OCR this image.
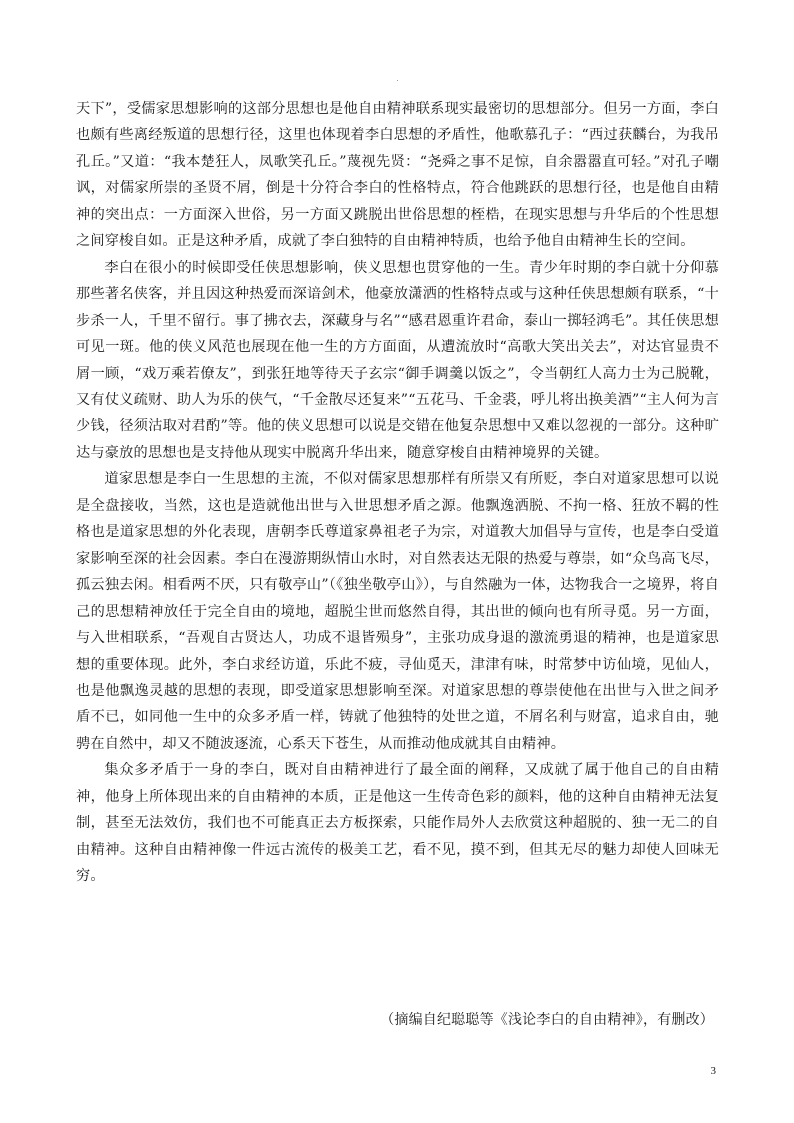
天下”，受儒家思想影响的这部分思想也是他自由精神联系现实最密切的思想部分。但另一方面，李白也颇有些离经叛道的思想行径，这里也体现着李白思想的矛盾性，他歌慕孔子：“西过获麟台，为我吊孔丘。”又道：“我本楚狂人，凤歌笑孔丘。”蔑视先贤：“尧舜之事不足惊，自余嚣嚣直可轻。”对孔子嘲讽，对儒家所崇的圣贤不屑，倒是十分符合李白的性格特点，符合他跳跃的思想行径，也是他自由精神的突出点：一方面深入世俗，另一方面又跳脱出世俗思想的桎梏，在现实思想与升华后的个性思想之间穿梭自如。正是这种矛盾，成就了李白独特的自由精神特质，也给予他自由精神生长的空间。

李白在很小的时候即受任侠思想影响，侠义思想也贯穿他的一生。青少年时期的李白就十分仰慕那些著名侠客，并且因这种热爱而深谙剑术，他豪放潇洒的性格特点或与这种任侠思想颇有联系，“十步杀一人，千里不留行。事了拂衣去，深藏身与名”“感君恩重许君命，泰山一掷轻鸿毛”。其任侠思想可见一斑。他的侠义风范也展现在他一生的方方面面，从遭流放时“高歌大笑出关去”，对达官显贵不屑一顾，“戏万乘若僚友”，到张狂地等待天子玄宗“御手调羹以饭之”，令当朝红人高力士为己脱靴，又有仗义疏财、助人为乐的侠气，“千金散尽还复来”“五花马、千金裘，呼儿将出换美酒”“主人何为言少钱，径须沽取对君酌”等。他的侠义思想可以说是交错在他复杂思想中又难以忽视的一部分。这种旷达与豪放的思想也是支持他从现实中脱离升华出来，随意穿梭自由精神境界的关键。

道家思想是李白一生思想的主流，不似对儒家思想那样有所崇又有所贬，李白对道家思想可以说是全盘接收，当然，这也是造就他出世与入世思想矛盾之源。他飘逸洒脱、不拘一格、狂放不羁的性格也是道家思想的外化表现，唐朝李氏尊道家鼻祖老子为宗，对道教大加倡导与宣传，也是李白受道家影响至深的社会因素。李白在漫游期纵情山水时，对自然表达无限的热爱与尊崇，如“众鸟高飞尽，孤云独去闲。相看两不厌，只有敬亭山”（《独坐敬亭山》），与自然融为一体，达物我合一之境界，将自己的思想精神放任于完全自由的境地，超脱尘世而悠然自得，其出世的倾向也有所寻觅。另一方面，与入世相联系，“吾观自古贤达人，功成不退皆殒身”，主张功成身退的激流勇退的精神，也是道家思想的重要体现。此外，李白求经访道，乐此不疲，寻仙觅天，津津有味，时常梦中访仙境，见仙人，也是他飘逸灵越的思想的表现，即受道家思想影响至深。对道家思想的尊崇使他在出世与入世之间矛盾不已，如同他一生中的众多矛盾一样，铸就了他独特的处世之道，不屑名利与财富，追求自由，驰骋在自然中，却又不随波逐流，心系天下苍生，从而推动他成就其自由精神。

集众多矛盾于一身的李白，既对自由精神进行了最全面的阐释，又成就了属于他自己的自由精神，他身上所体现出来的自由精神的本质，正是他这一生传奇色彩的颜料，他的这种自由精神无法复制，甚至无法效仿，我们也不可能真正去方板探索，只能作局外人去欣赏这种超脱的、独一无二的自由精神。这种自由精神像一件远古流传的极美工艺，看不见，摸不到，但其无尽的魅力却使人回味无穷。

（摘编自纪聪聪等《浅论李白的自由精神》，有删改）

3
